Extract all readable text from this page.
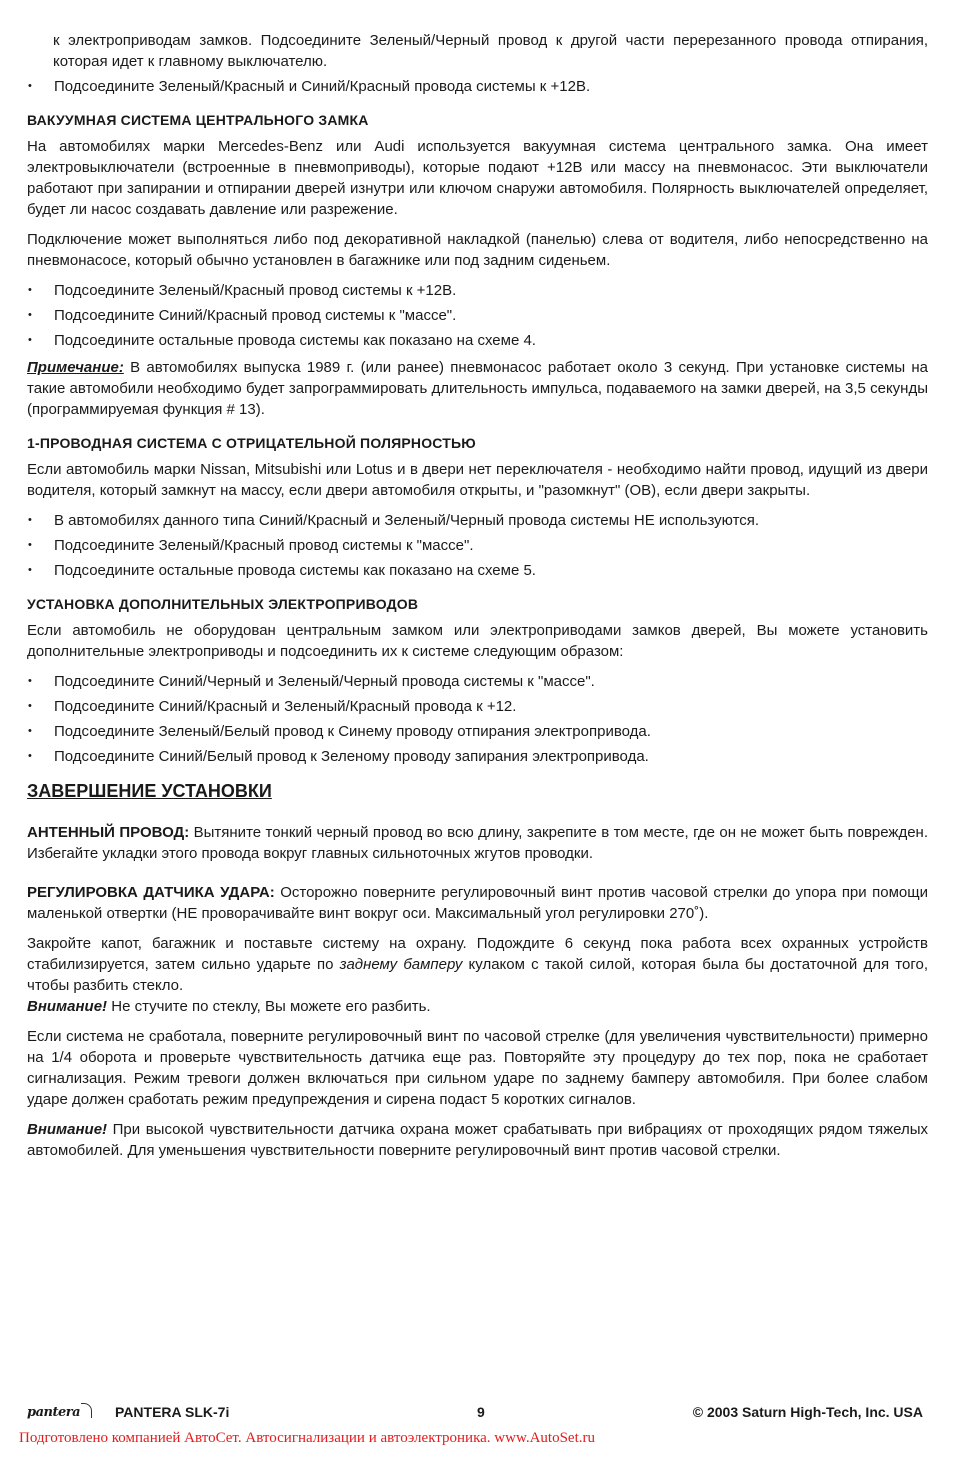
к электроприводам замков. Подсоедините Зеленый/Черный провод к другой части перерезанного провода отпирания, которая идет к главному выключателю.

• Подсоедините Зеленый/Красный и Синий/Красный провода системы к +12В.
ВАКУУМНАЯ СИСТЕМА ЦЕНТРАЛЬНОГО ЗАМКА

На автомобилях марки Mercedes-Benz или Audi используется вакуумная система центрального замка. Она имеет электровыключатели (встроенные в пневмоприводы), которые подают +12В или массу на пневмонасос. Эти выключатели работают при запирании и отпирании дверей изнутри или ключом снаружи автомобиля. Полярность выключателей определяет, будет ли насос создавать давление или разрежение.

Подключение может выполняться либо под декоративной накладкой (панелью) слева от водителя, либо непосредственно на пневмонасосе, который обычно установлен в багажнике или под задним сиденьем.

• Подсоедините Зеленый/Красный провод системы к +12В.
• Подсоедините Синий/Красный провод системы к "массе".
• Подсоедините остальные провода системы как показано на схеме 4.

Примечание: В автомобилях выпуска 1989 г. (или ранее) пневмонасос работает около 3 секунд. При установке системы на такие автомобили необходимо будет запрограммировать длительность импульса, подаваемого на замки дверей, на 3,5 секунды (программируемая функция # 13).

1-ПРОВОДНАЯ СИСТЕМА С ОТРИЦАТЕЛЬНОЙ ПОЛЯРНОСТЬЮ

Если автомобиль марки Nissan, Mitsubishi или Lotus и в двери нет переключателя - необходимо найти провод, идущий из двери водителя, который замкнут на массу, если двери автомобиля открыты, и "разомкнут" (ОВ), если двери закрыты.

• В автомобилях данного типа Синий/Красный и Зеленый/Черный провода системы НЕ используются.
• Подсоедините Зеленый/Красный провод системы к "массе".
• Подсоедините остальные провода системы как показано на схеме 5.
УСТАНОВКА ДОПОЛНИТЕЛЬНЫХ ЭЛЕКТРОПРИВОДОВ

Если автомобиль не оборудован центральным замком или электроприводами замков дверей, Вы можете установить дополнительные электроприводы и подсоединить их к системе следующим образом:

• Подсоедините Синий/Черный и Зеленый/Черный провода системы к "массе".
• Подсоедините Синий/Красный и Зеленый/Красный провода к +12.
• Подсоедините Зеленый/Белый провод к Синему проводу отпирания электропривода.
• Подсоедините Синий/Белый провод к Зеленому проводу запирания электропривода.
ЗАВЕРШЕНИЕ УСТАНОВКИ

АНТЕННЫЙ ПРОВОД: Вытяните тонкий черный провод во всю длину, закрепите в том месте, где он не может быть поврежден. Избегайте укладки этого провода вокруг главных сильноточных жгутов проводки.

РЕГУЛИРОВКА ДАТЧИКА УДАРА: Осторожно поверните регулировочный винт против часовой стрелки до упора при помощи маленькой отвертки (НЕ проворачивайте винт вокруг оси. Максимальный угол регулировки 270˚).

Закройте капот, багажник и поставьте систему на охрану. Подождите 6 секунд пока работа всех охранных устройств стабилизируется, затем сильно ударьте по заднему бамперу кулаком с такой силой, которая была бы достаточной для того, чтобы разбить стекло.

Внимание! Не стучите по стеклу, Вы можете его разбить.

Если система не сработала, поверните регулировочный винт по часовой стрелке (для увеличения чувствительности) примерно на 1/4 оборота и проверьте чувствительность датчика еще раз. Повторяйте эту процедуру до тех пор, пока не сработает сигнализация. Режим тревоги должен включаться при сильном ударе по заднему бамперу автомобиля. При более слабом ударе должен сработать режим предупреждения и сирена подаст 5 коротких сигналов.

Внимание! При высокой чувствительности датчика охрана может срабатывать при вибрациях от проходящих рядом тяжелых автомобилей. Для уменьшения чувствительности поверните регулировочный винт против часовой стрелки.

pantera	PANTERA SLK-7i	9	© 2003 Saturn High-Tech, Inc. USA
Подготовлено компанией АвтоСет. Автосигнализации и автоэлектроника. www.AutoSet.ru
